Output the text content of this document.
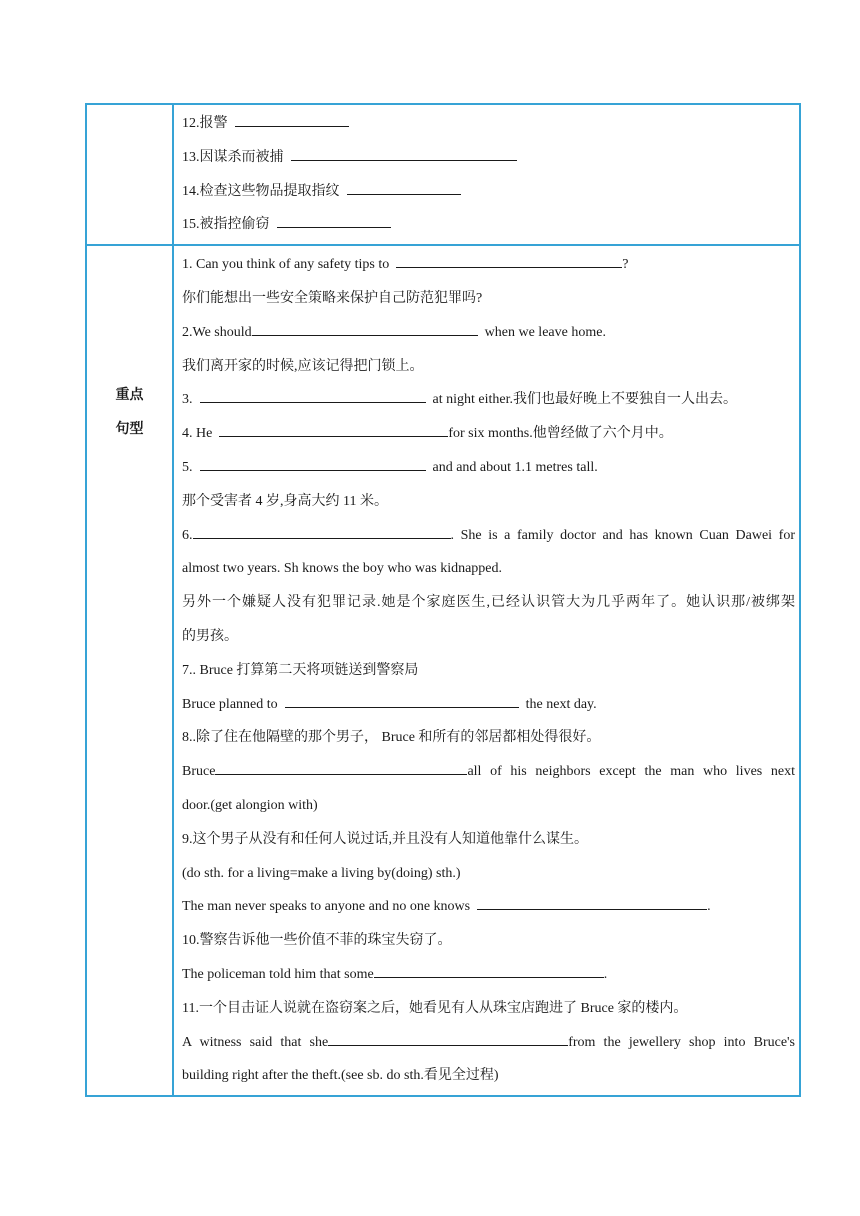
12.报警
13.因谋杀而被捕
14.检查这些物品提取指纹
15.被指控偷窃
重点
句型
1. Can you think of any safety tips to	?
你们能想出一些安全策略来保护自己防范犯罪吗?
2.We should	when we leave home.
我们离开家的时候,应该记得把门锁上。
3.	at night either.我们也最好晚上不要独自一人出去。
4. He	for six months.他曾经做了六个月中。
5.	and and about 1.1 metres tall.
那个受害者 4 岁,身高大约 11 米。
6.	. She is a family doctor and has known Cuan Dawei for
almost two years. Sh knows the boy who was kidnapped.
另外一个嫌疑人没有犯罪记录.她是个家庭医生,已经认识管大为几乎两年了。她认识那/被绑架
的男孩。
7.. Bruce 打算第二天将项链送到警察局
Bruce planned to	the next day.
8..除了住在他隔壁的那个男子， Bruce 和所有的邻居都相处得很好。
Bruce	all of his neighbors except the man who lives next
door.(get alongion with)
9.这个男子从没有和任何人说过话,并且没有人知道他靠什么谋生。
(do sth. for a living=make a living by(doing) sth.)
The man never speaks to anyone and no one knows	.
10.警察告诉他一些价值不菲的珠宝失窃了。
The policeman told him that some	.
11.一个目击证人说就在盗窃案之后，她看见有人从珠宝店跑进了 Bruce 家的楼内。
A witness said that she	from the jewellery shop into Bruce's
building right after the theft.(see sb. do sth.看见全过程)
